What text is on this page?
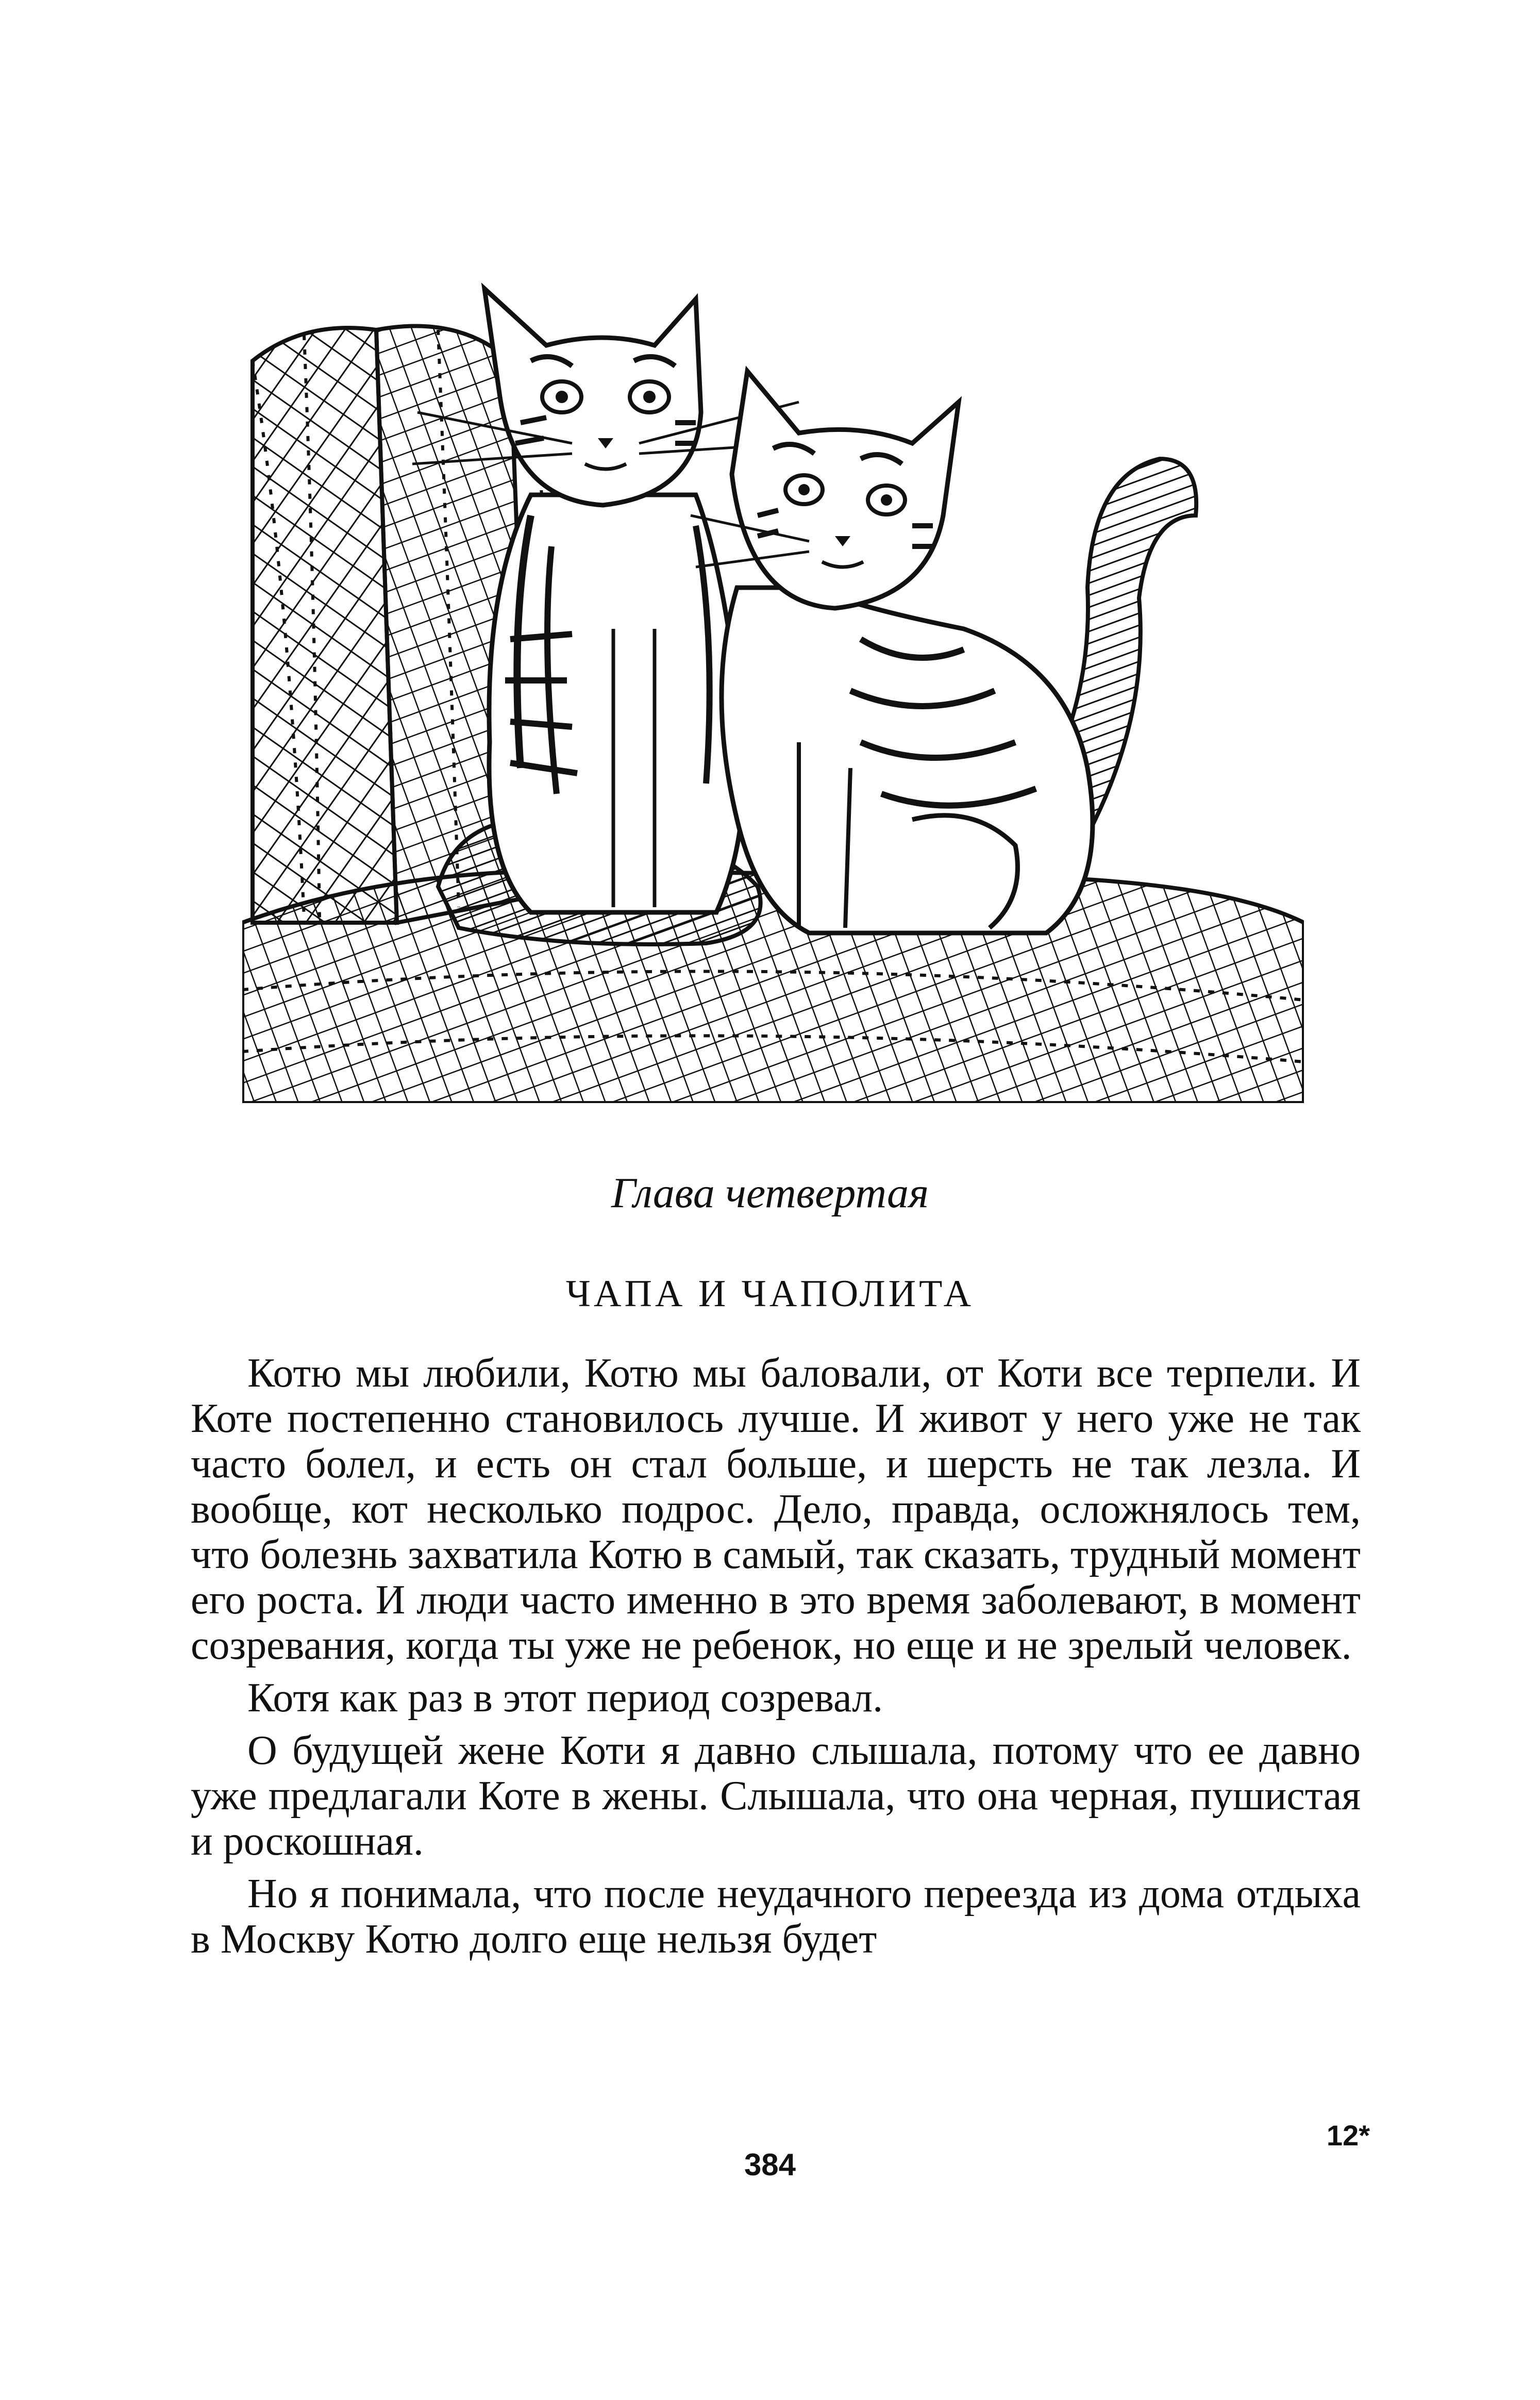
Глава четвертая
ЧАПА И ЧАПОЛИТА

Котю мы любили, Котю мы баловали, от Коти все терпели. И Коте постепенно становилось лучше. И живот у него уже не так часто болел, и есть он стал больше, и шерсть не так лезла. И вообще, кот несколько подрос. Дело, правда, осложнялось тем, что болезнь захватила Котю в самый, так сказать, трудный момент его роста. И люди часто именно в это время заболевают, в момент созревания, когда ты уже не ребенок, но еще и не зрелый человек.

Котя как раз в этот период созревал.

О будущей жене Коти я давно слышала, потому что ее давно уже предлагали Коте в жены. Слышала, что она черная, пушистая и роскошная.

Но я понимала, что после неудачного переезда из дома отдыха в Москву Котю долго еще нельзя будет

12*
384
